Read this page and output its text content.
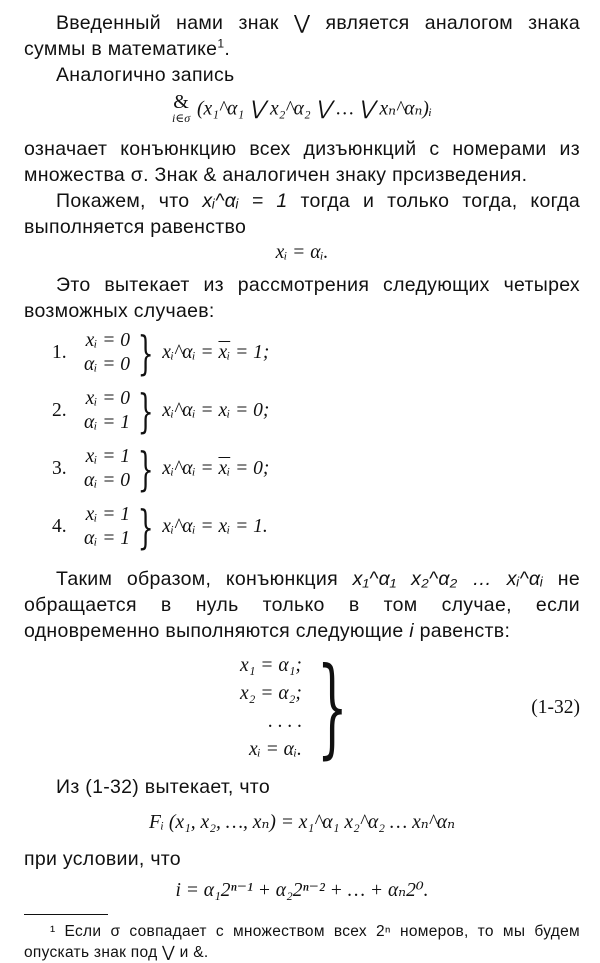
Введенный нами знак ⋁ является аналогом знака суммы в математике$^1$.

Аналогично запись

&
i∈σ (x₁^α₁ ⋁ x₂^α₂ ⋁ … ⋁ xₙ^αₙ)ᵢ

означает конъюнкцию всех дизъюнкций с номерами из множества σ. Знак & аналогичен знаку прсизведения.

Покажем, что xᵢ^αᵢ = 1 тогда и только тогда, когда выполняется равенство

xᵢ = αᵢ.

Это вытекает из рассмотрения следующих четырех возможных случаев:

1.
xᵢ = 0
αᵢ = 0 } xᵢ^αᵢ = $\overline{xᵢ} = 1$;
2.
xᵢ = 0
αᵢ = 1 } xᵢ^αᵢ = xᵢ = 0;
3.
xᵢ = 1
αᵢ = 0 } xᵢ^αᵢ = $\overline{xᵢ} = 0$;
4.
xᵢ = 1
αᵢ = 1 } xᵢ^αᵢ = xᵢ = 1.

Таким образом, конъюнкция x₁^α₁ x₂^α₂ … xᵢ^αᵢ не обращается в нуль только в том случае, если одновременно выполняются следующие i равенств:

x₁ = α₁;
x₂ = α₂;
. . . .
xᵢ = αᵢ. }	(1-32)

Из (1-32) вытекает, что

Fᵢ (x₁, x₂, …, xₙ) = x₁^α₁ x₂^α₂ … xₙ^αₙ

при условии, что

i = α₁2ⁿ⁻¹ + α₂2ⁿ⁻² + … + αₙ2⁰.

¹ Если σ совпадает с множеством всех 2ⁿ номеров, то мы будем опускать знак под ⋁ и &.
